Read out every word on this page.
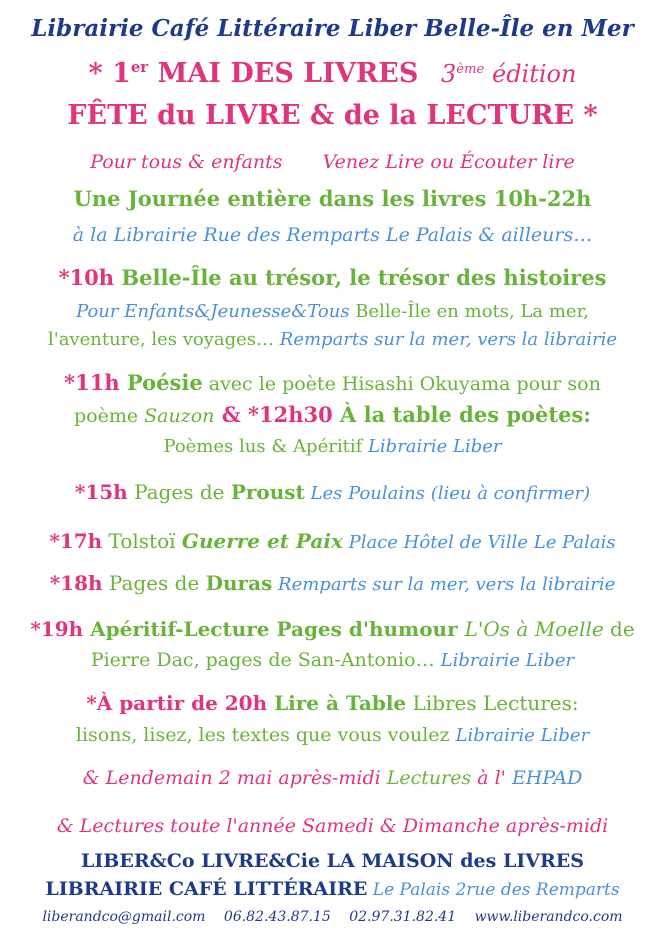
Librairie Café Littéraire Liber Belle-Île en Mer
* 1er MAI DES LIVRES 3ème édition
FÊTE du LIVRE & de la LECTURE *
Pour tous & enfants Venez Lire ou Écouter lire
Une Journée entière dans les livres 10h-22h
à la Librairie Rue des Remparts Le Palais & ailleurs…
*10h Belle-Île au trésor, le trésor des histoires
Pour Enfants&Jeunesse&Tous Belle-Île en mots, La mer,
l'aventure, les voyages… Remparts sur la mer, vers la librairie
*11h Poésie avec le poète Hisashi Okuyama pour son
poème Sauzon & *12h30 À la table des poètes:
Poèmes lus & Apéritif Librairie Liber
*15h Pages de Proust Les Poulains (lieu à confirmer)
*17h Tolstoï Guerre et Paix Place Hôtel de Ville Le Palais
*18h Pages de Duras Remparts sur la mer, vers la librairie
*19h Apéritif-Lecture Pages d'humour L'Os à Moelle de
Pierre Dac, pages de San-Antonio… Librairie Liber
*À partir de 20h Lire à Table Libres Lectures:
lisons, lisez, les textes que vous voulez Librairie Liber
& Lendemain 2 mai après-midi Lectures à l' EHPAD
& Lectures toute l'année Samedi & Dimanche après-midi
LIBER&Co LIVRE&Cie LA MAISON des LIVRES
LIBRAIRIE CAFÉ LITTÉRAIRE Le Palais 2rue des Remparts
liberandco@gmail.com 06.82.43.87.15 02.97.31.82.41 www.liberandco.com
